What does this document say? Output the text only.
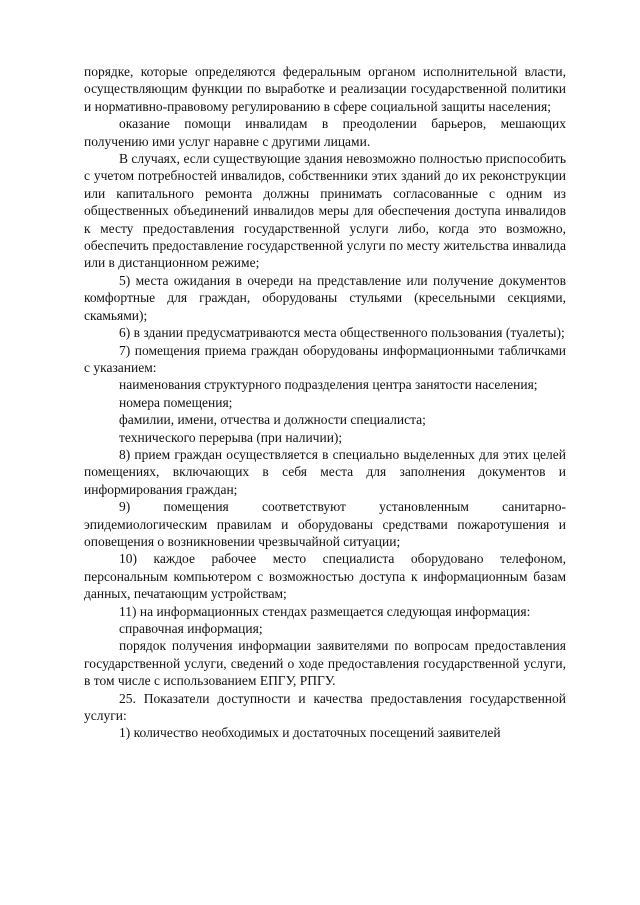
порядке, которые определяются федеральным органом исполнительной власти, осуществляющим функции по выработке и реализации государственной политики и нормативно-правовому регулированию в сфере социальной защиты населения;

оказание помощи инвалидам в преодолении барьеров, мешающих получению ими услуг наравне с другими лицами.

В случаях, если существующие здания невозможно полностью приспособить с учетом потребностей инвалидов, собственники этих зданий до их реконструкции или капитального ремонта должны принимать согласованные с одним из общественных объединений инвалидов меры для обеспечения доступа инвалидов к месту предоставления государственной услуги либо, когда это возможно, обеспечить предоставление государственной услуги по месту жительства инвалида или в дистанционном режиме;

5) места ожидания в очереди на представление или получение документов комфортные для граждан, оборудованы стульями (кресельными секциями, скамьями);

6) в здании предусматриваются места общественного пользования (туалеты);

7) помещения приема граждан оборудованы информационными табличками с указанием:

наименования структурного подразделения центра занятости населения;

номера помещения;

фамилии, имени, отчества и должности специалиста;

технического перерыва (при наличии);

8) прием граждан осуществляется в специально выделенных для этих целей помещениях, включающих в себя места для заполнения документов и информирования граждан;

9) помещения соответствуют установленным санитарно-эпидемиологическим правилам и оборудованы средствами пожаротушения и оповещения о возникновении чрезвычайной ситуации;

10) каждое рабочее место специалиста оборудовано телефоном, персональным компьютером с возможностью доступа к информационным базам данных, печатающим устройствам;

11) на информационных стендах размещается следующая информация:

справочная информация;

порядок получения информации заявителями по вопросам предоставления государственной услуги, сведений о ходе предоставления государственной услуги, в том числе с использованием ЕПГУ, РПГУ.

25. Показатели доступности и качества предоставления государственной услуги:

1) количество необходимых и достаточных посещений заявителей
